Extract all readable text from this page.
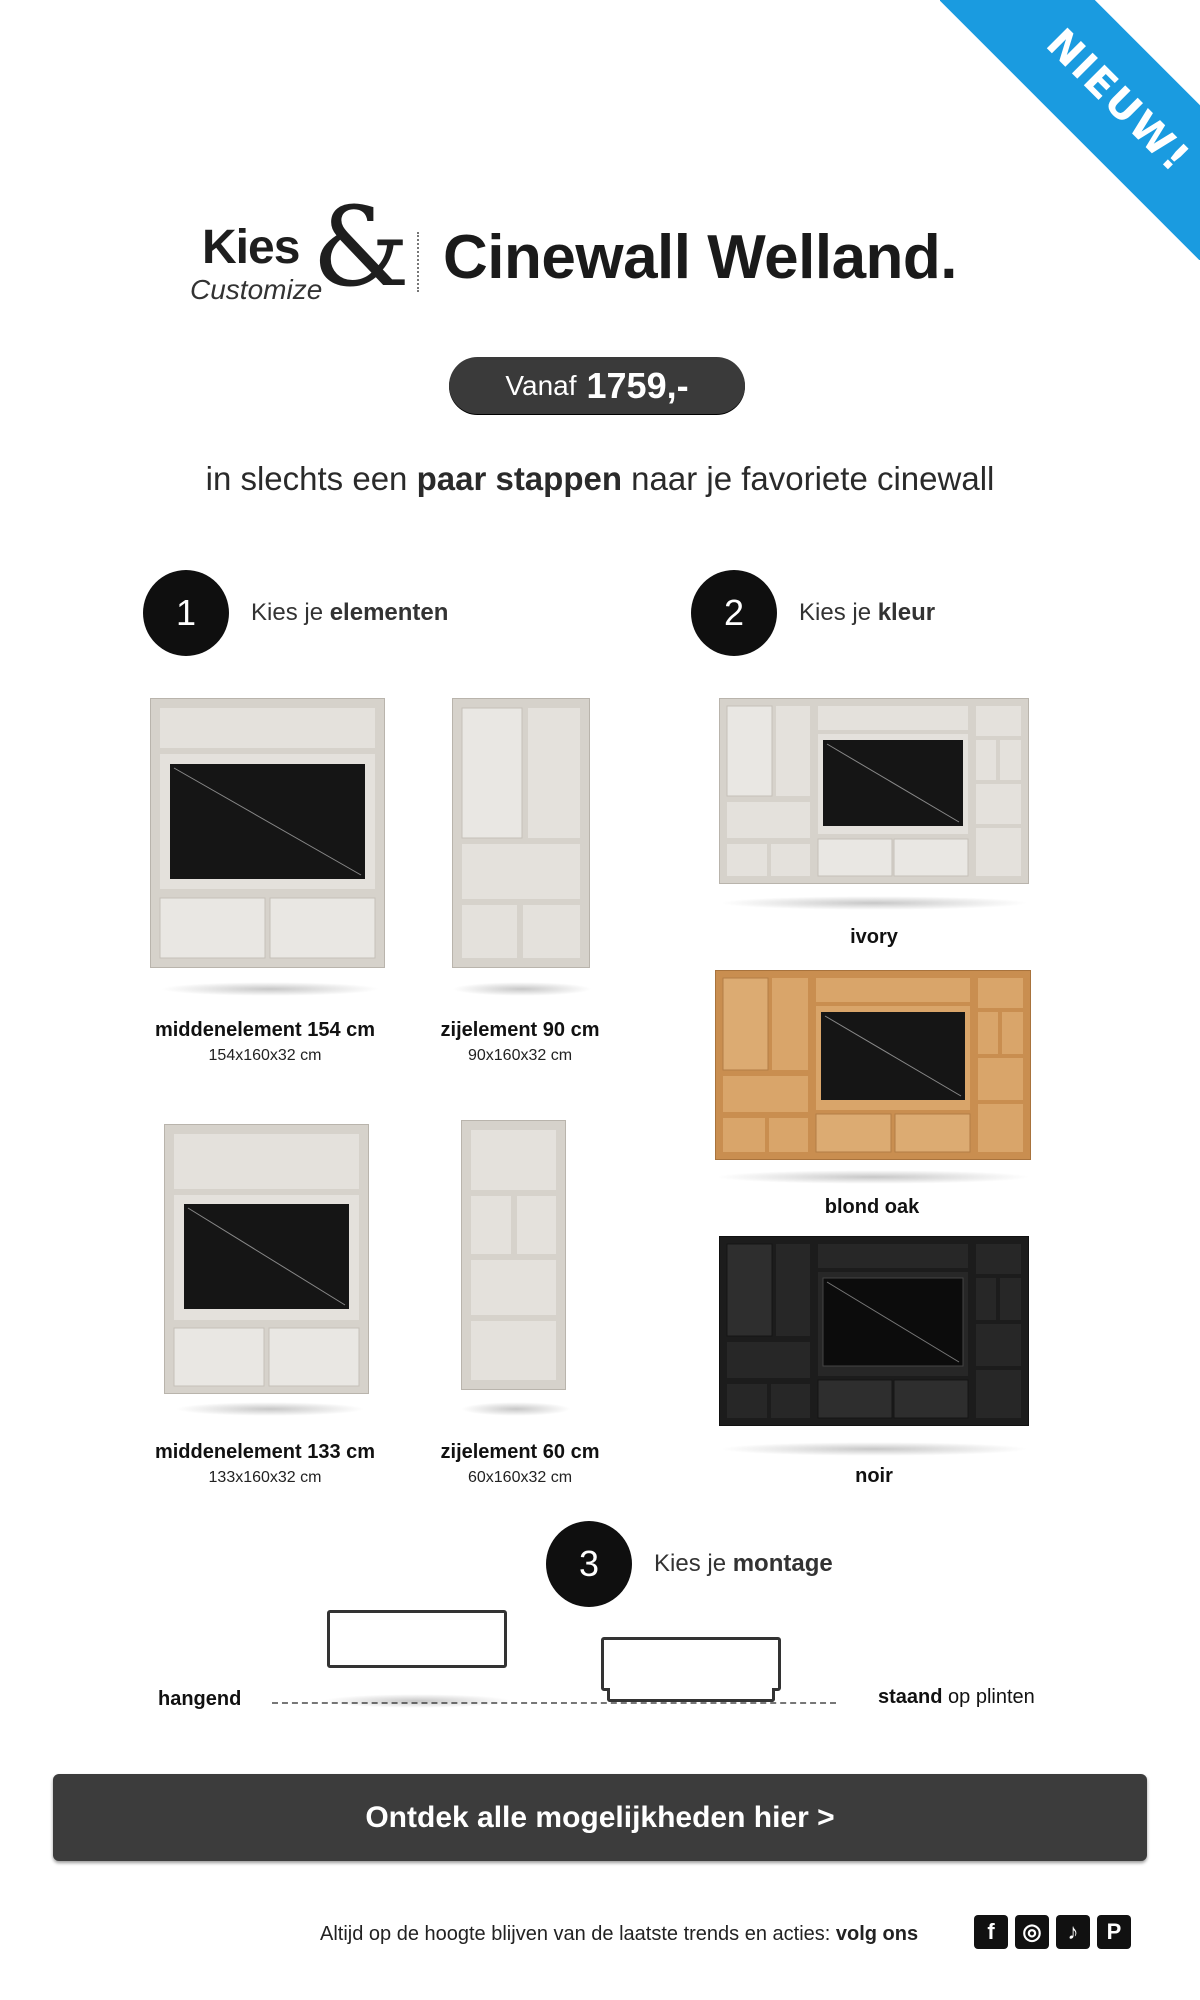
NIEUW!
Kies &
Customize Cinewall Welland.
Vanaf 1759,-
in slechts een paar stappen naar je favoriete cinewall
1	Kies je elementen	2	Kies je kleur
middenelement 154 cm
154x160x32 cm
zijelement 90 cm
90x160x32 cm
middenelement 133 cm
133x160x32 cm
zijelement 60 cm
60x160x32 cm
ivory
blond oak
noir
3	Kies je montage
hangend	staand op plinten
Ontdek alle mogelijkheden hier >
Altijd op de hoogte blijven van de laatste trends en acties: volg ons	f ◎ ♪ P
